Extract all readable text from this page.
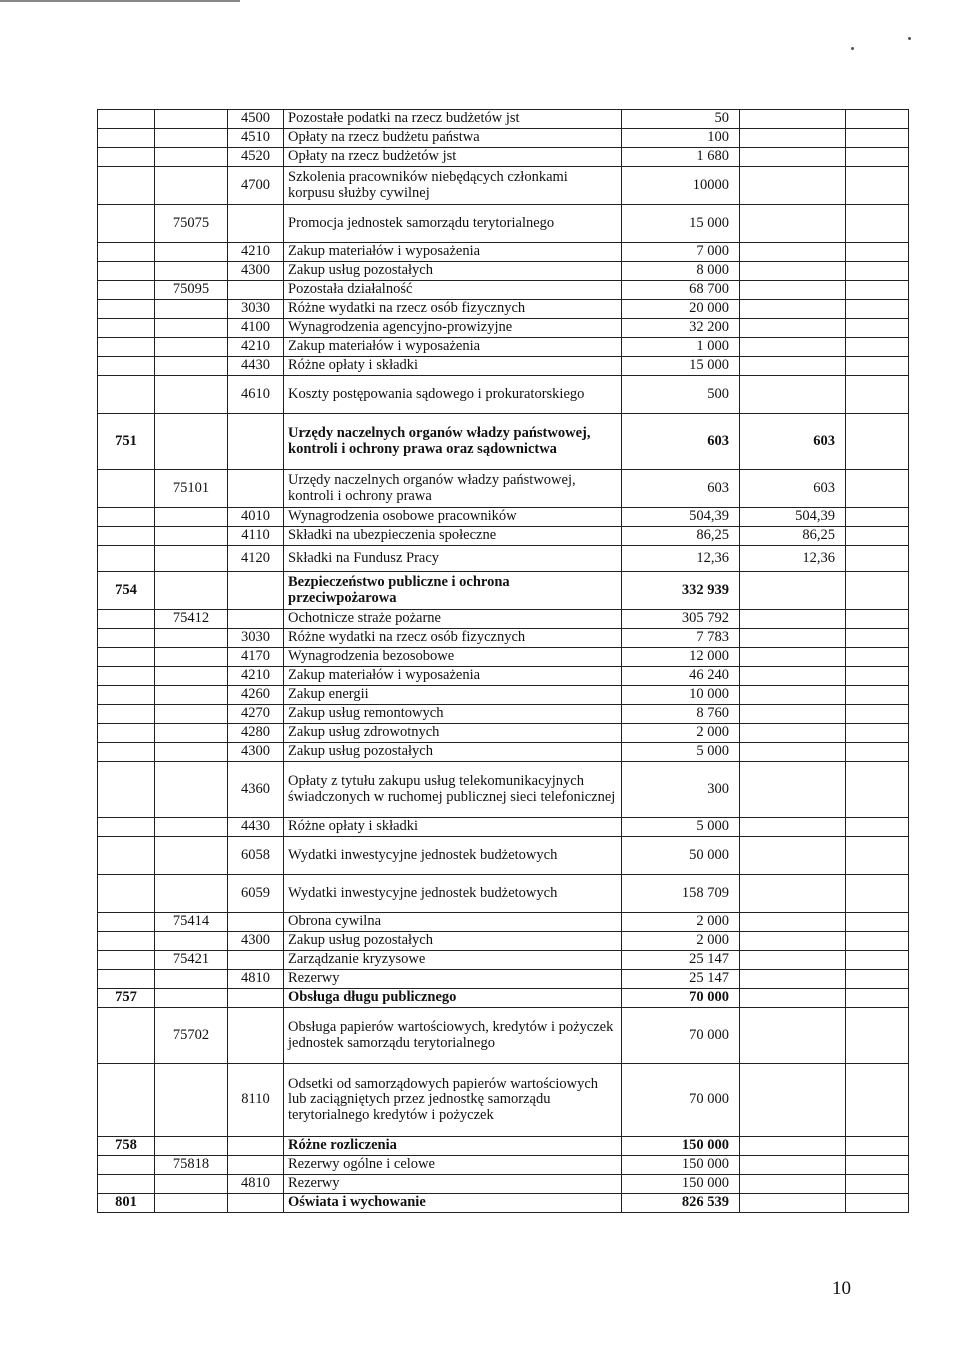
		4500	Pozostałe podatki na rzecz budżetów jst	50		
		4510	Opłaty na rzecz budżetu państwa	100		
		4520	Opłaty na rzecz budżetów jst	1 680		
		4700	Szkolenia pracowników niebędących członkami korpusu służby cywilnej	10000		
	75075		Promocja jednostek samorządu terytorialnego	15 000		
		4210	Zakup materiałów i wyposażenia	7 000		
		4300	Zakup usług pozostałych	8 000		
	75095		Pozostała działalność	68 700		
		3030	Różne wydatki na rzecz osób fizycznych	20 000		
		4100	Wynagrodzenia agencyjno-prowizyjne	32 200		
		4210	Zakup materiałów i wyposażenia	1 000		
		4430	Różne opłaty i składki	15 000		
		4610	Koszty postępowania sądowego i prokuratorskiego	500		
751			Urzędy naczelnych organów władzy państwowej, kontroli i ochrony prawa oraz sądownictwa	603	603	
	75101		Urzędy naczelnych organów władzy państwowej, kontroli i ochrony prawa	603	603	
		4010	Wynagrodzenia osobowe pracowników	504,39	504,39	
		4110	Składki na ubezpieczenia społeczne	86,25	86,25	
		4120	Składki na Fundusz Pracy	12,36	12,36	
754			Bezpieczeństwo publiczne i ochrona przeciwpożarowa	332 939		
	75412		Ochotnicze straże pożarne	305 792		
		3030	Różne wydatki na rzecz osób fizycznych	7 783		
		4170	Wynagrodzenia bezosobowe	12 000		
		4210	Zakup materiałów i wyposażenia	46 240		
		4260	Zakup energii	10 000		
		4270	Zakup usług remontowych	8 760		
		4280	Zakup usług zdrowotnych	2 000		
		4300	Zakup usług pozostałych	5 000		
		4360	Opłaty z tytułu zakupu usług telekomunikacyjnych świadczonych w ruchomej publicznej sieci telefonicznej	300		
		4430	Różne opłaty i składki	5 000		
		6058	Wydatki inwestycyjne jednostek budżetowych	50 000		
		6059	Wydatki inwestycyjne jednostek budżetowych	158 709		
	75414		Obrona cywilna	2 000		
		4300	Zakup usług pozostałych	2 000		
	75421		Zarządzanie kryzysowe	25 147		
		4810	Rezerwy	25 147		
757			Obsługa długu publicznego	70 000		
	75702		Obsługa papierów wartościowych, kredytów i pożyczek jednostek samorządu terytorialnego	70 000		
		8110	Odsetki od samorządowych papierów wartościowych lub zaciągniętych przez jednostkę samorządu terytorialnego kredytów i pożyczek	70 000		
758			Różne rozliczenia	150 000		
	75818		Rezerwy ogólne i celowe	150 000		
		4810	Rezerwy	150 000		
801			Oświata i wychowanie	826 539		
10
